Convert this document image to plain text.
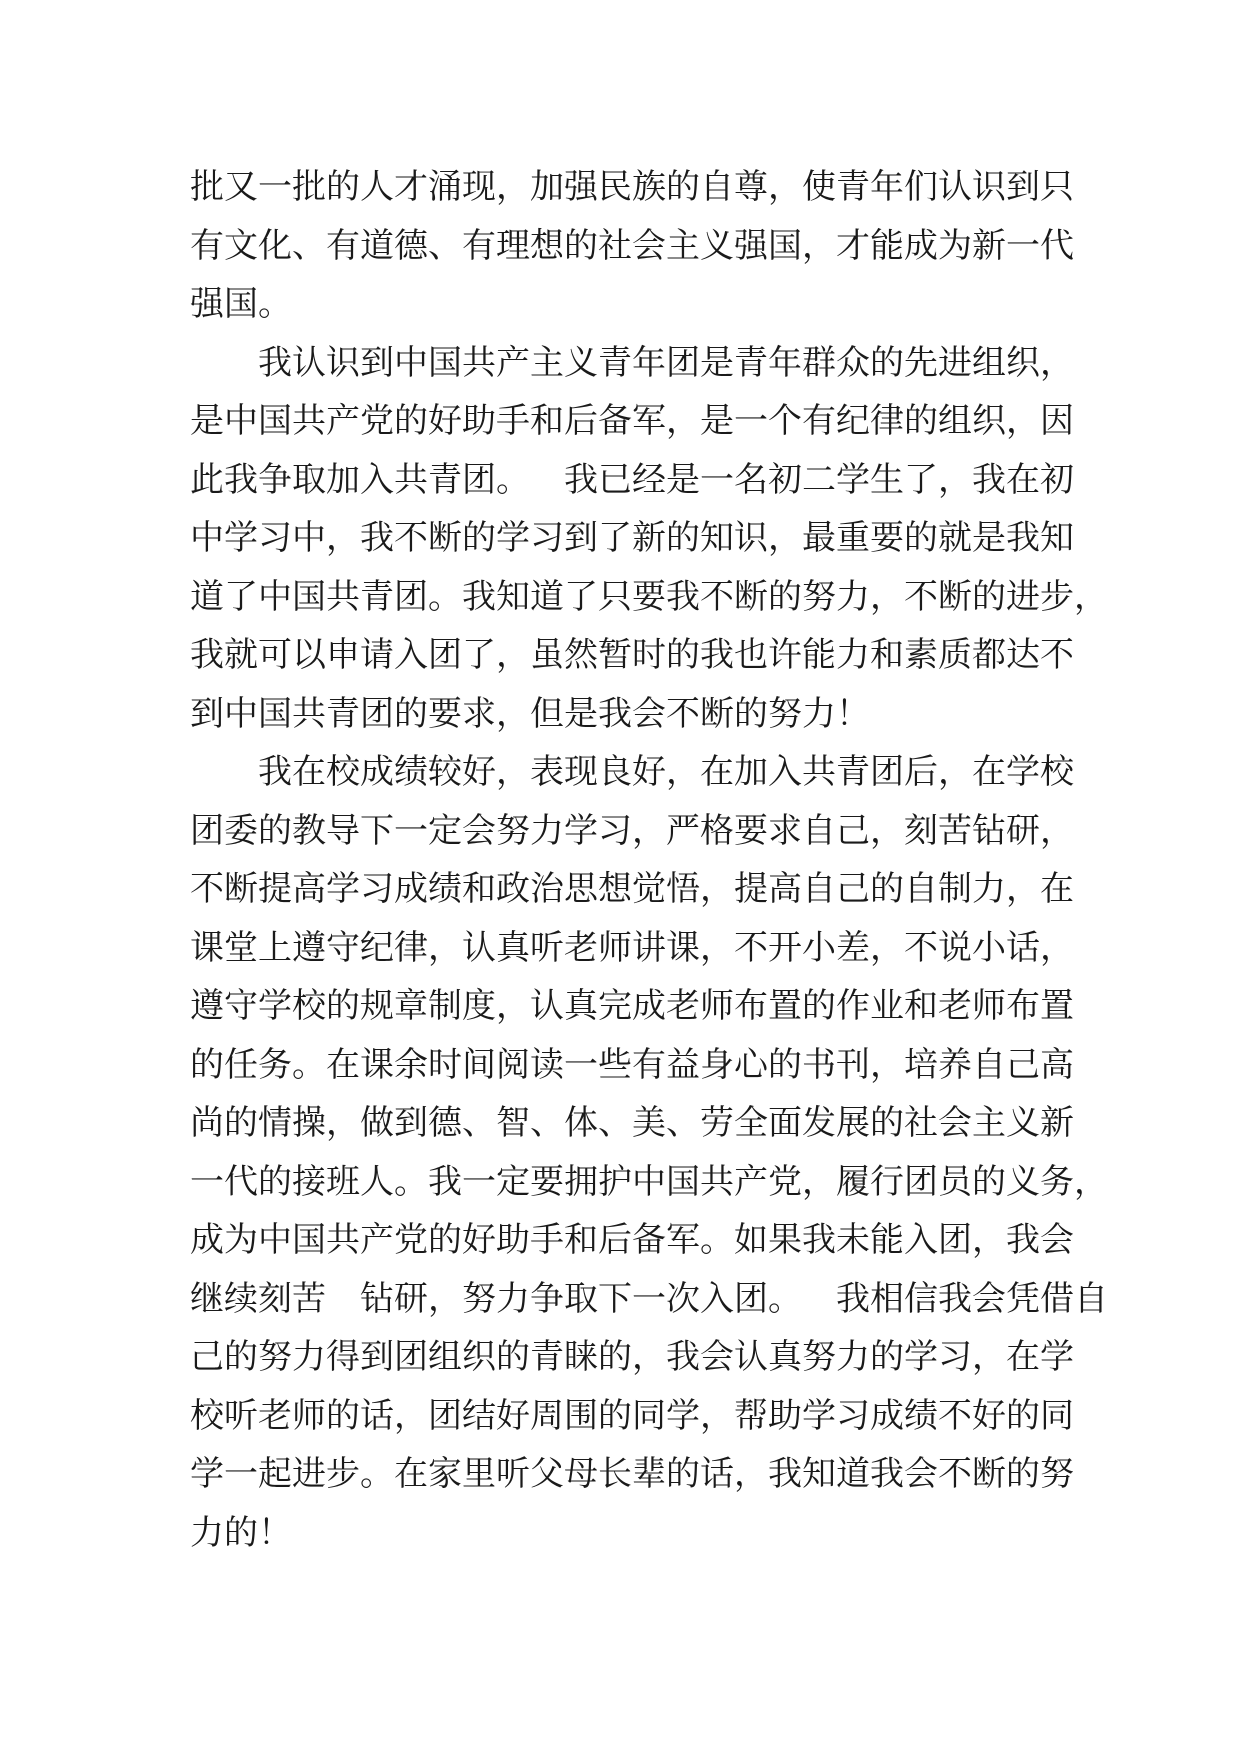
批 又 一 批 的 人 才 涌 现 ， 加 强 民 族 的 自 尊 ， 使 青 年 们 认 识 到 只
有 文 化 、 有 道 德 、 有 理 想 的 社 会 主 义 强 国 ， 才 能 成 为 新 一 代
强国。

我 认 识 到 中 国 共 产 主 义 青 年 团 是 青 年 群 众 的 先 进 组 织 ，
是 中 国 共 产 党 的 好 助 手 和 后 备 军 ， 是 一 个 有 纪 律 的 组 织 ， 因
此 我 争 取 加 入 共 青 团 。
　 我 已 经 是 一 名 初 二 学 生 了 ， 我 在 初
中 学 习 中 ， 我 不 断 的 学 习 到 了 新 的 知 识 ， 最 重 要 的 就 是 我 知
道 了 中 国 共 青 团 。 我 知 道 了 只 要 我 不 断 的 努 力 ， 不 断 的 进 步 ，
我 就 可 以 申 请 入 团 了 ， 虽 然 暂 时 的 我 也 许 能 力 和 素 质 都 达 不
到中国共青团的要求，但是我会不断的努力！

我 在 校 成 绩 较 好 ， 表 现 良 好 ， 在 加 入 共 青 团 后 ， 在 学 校
团 委 的 教 导 下 一 定 会 努 力 学 习 ， 严 格 要 求 自 己 ， 刻 苦 钻 研 ，
不 断 提 高 学 习 成 绩 和 政 治 思 想 觉 悟 ， 提 高 自 己 的 自 制 力 ， 在
课 堂 上 遵 守 纪 律 ， 认 真 听 老 师 讲 课 ， 不 开 小 差 ， 不 说 小 话 ，
遵 守 学 校 的 规 章 制 度 ， 认 真 完 成 老 师 布 置 的 作 业 和 老 师 布 置
的 任 务 。 在 课 余 时 间 阅 读 一 些 有 益 身 心 的 书 刊 ， 培 养 自 己 高
尚 的 情 操 ， 做 到 德 、 智 、 体 、 美 、 劳 全 面 发 展 的 社 会 主 义 新
一 代 的 接 班 人 。 我 一 定 要 拥 护 中 国 共 产 党 ， 履 行 团 员 的 义 务 ，
成 为 中 国 共 产 党 的 好 助 手 和 后 备 军 。 如 果 我 未 能 入 团 ， 我 会
继 续 刻 苦
　 钻 研 ， 努 力 争 取 下 一 次 入 团 。
　 我 相 信 我 会 凭 借 自
己 的 努 力 得 到 团 组 织 的 青 睐 的 ， 我 会 认 真 努 力 的 学 习 ， 在 学
校 听 老 师 的 话 ， 团 结 好 周 围 的 同 学 ， 帮 助 学 习 成 绩 不 好 的 同
学 一 起 进 步 。 在 家 里 听 父 母 长 辈 的 话 ， 我 知 道 我 会 不 断 的 努
力的！
